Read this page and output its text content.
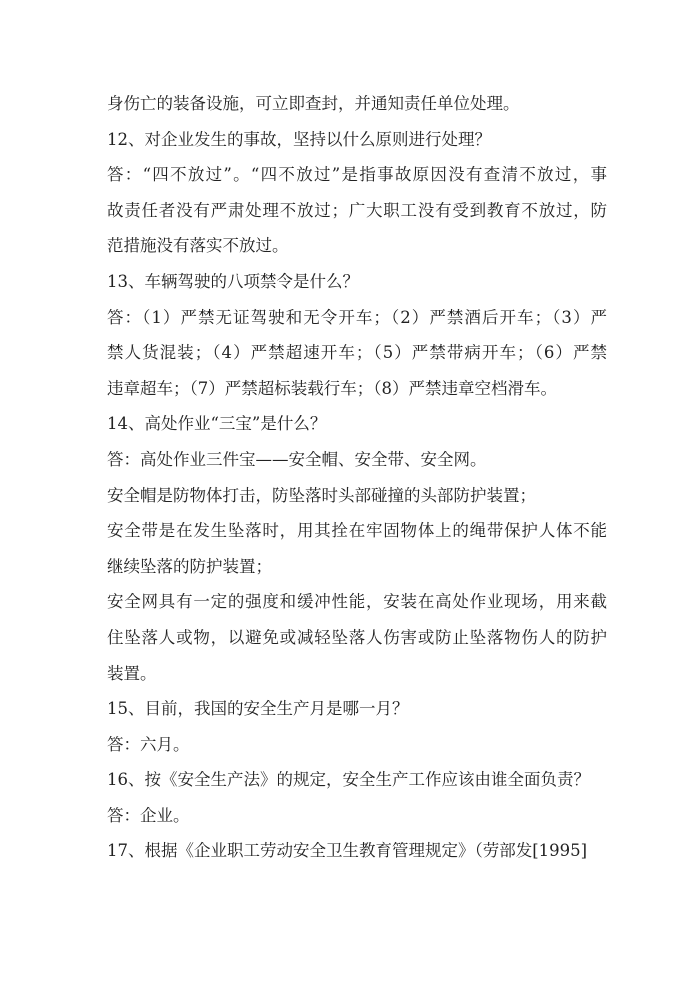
身伤亡的装备设施，可立即查封，并通知责任单位处理。
12、对企业发生的事故，坚持以什么原则进行处理？
答：“四不放过”。“四不放过”是指事故原因没有查清不放过，事
故责任者没有严肃处理不放过；广大职工没有受到教育不放过，防
范措施没有落实不放过。
13、车辆驾驶的八项禁令是什么？
答：（1）严禁无证驾驶和无令开车；（2）严禁酒后开车；（3）严
禁人货混装；（4）严禁超速开车；（5）严禁带病开车；（6）严禁
违章超车；（7）严禁超标装载行车；（8）严禁违章空档滑车。
14、高处作业“三宝”是什么？
答：高处作业三件宝——安全帽、安全带、安全网。
安全帽是防物体打击，防坠落时头部碰撞的头部防护装置；
安全带是在发生坠落时，用其拴在牢固物体上的绳带保护人体不能
继续坠落的防护装置；
安全网具有一定的强度和缓冲性能，安装在高处作业现场，用来截
住坠落人或物，以避免或减轻坠落人伤害或防止坠落物伤人的防护
装置。
15、目前，我国的安全生产月是哪一月？
答：六月。
16、按《安全生产法》的规定，安全生产工作应该由谁全面负责？
答：企业。
17、根据《企业职工劳动安全卫生教育管理规定》（劳部发[1995]
